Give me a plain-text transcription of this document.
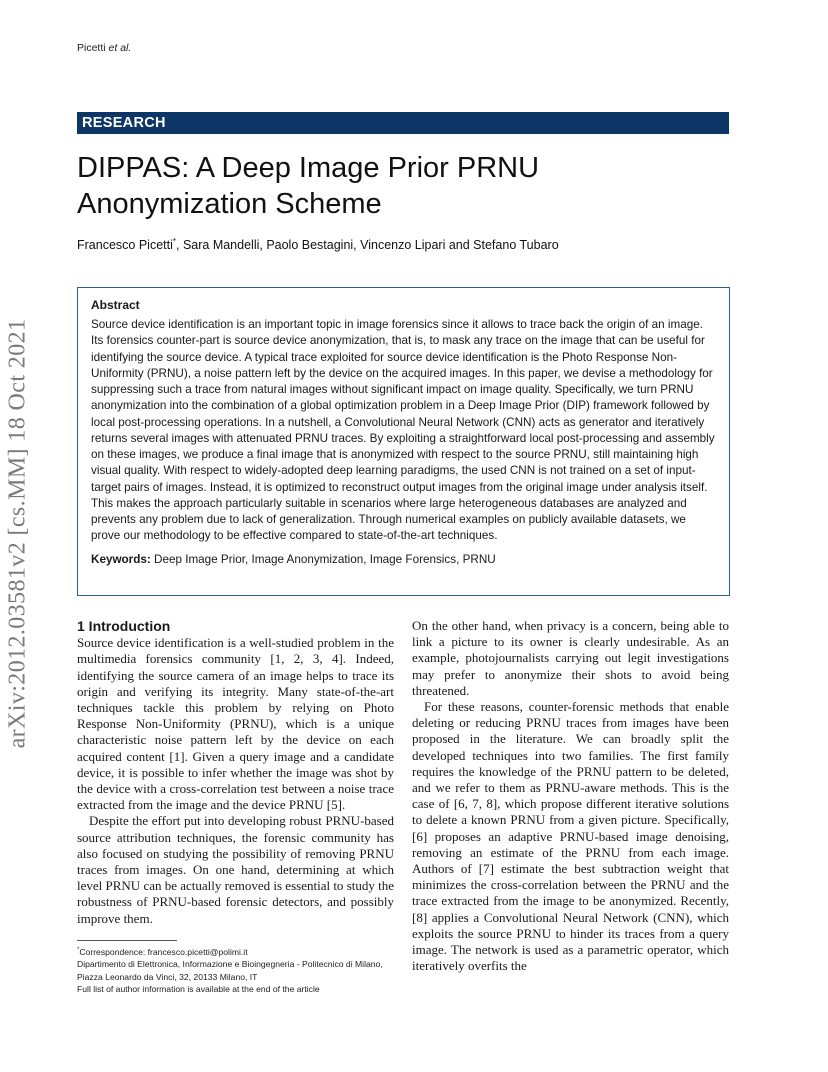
Picetti et al.
RESEARCH
DIPPAS: A Deep Image Prior PRNU Anonymization Scheme
Francesco Picetti*, Sara Mandelli, Paolo Bestagini, Vincenzo Lipari and Stefano Tubaro
arXiv:2012.03581v2 [cs.MM] 18 Oct 2021
Abstract

Source device identification is an important topic in image forensics since it allows to trace back the origin of an image. Its forensics counter-part is source device anonymization, that is, to mask any trace on the image that can be useful for identifying the source device. A typical trace exploited for source device identification is the Photo Response Non-Uniformity (PRNU), a noise pattern left by the device on the acquired images. In this paper, we devise a methodology for suppressing such a trace from natural images without significant impact on image quality. Specifically, we turn PRNU anonymization into the combination of a global optimization problem in a Deep Image Prior (DIP) framework followed by local post-processing operations. In a nutshell, a Convolutional Neural Network (CNN) acts as generator and iteratively returns several images with attenuated PRNU traces. By exploiting a straightforward local post-processing and assembly on these images, we produce a final image that is anonymized with respect to the source PRNU, still maintaining high visual quality. With respect to widely-adopted deep learning paradigms, the used CNN is not trained on a set of input-target pairs of images. Instead, it is optimized to reconstruct output images from the original image under analysis itself. This makes the approach particularly suitable in scenarios where large heterogeneous databases are analyzed and prevents any problem due to lack of generalization. Through numerical examples on publicly available datasets, we prove our methodology to be effective compared to state-of-the-art techniques.

Keywords: Deep Image Prior, Image Anonymization, Image Forensics, PRNU
1 Introduction

Source device identification is a well-studied problem in the multimedia forensics community [1, 2, 3, 4]. Indeed, identifying the source camera of an image helps to trace its origin and verifying its integrity. Many state-of-the-art techniques tackle this problem by relying on Photo Response Non-Uniformity (PRNU), which is a unique characteristic noise pattern left by the device on each acquired content [1]. Given a query image and a candidate device, it is possible to infer whether the image was shot by the device with a cross-correlation test between a noise trace extracted from the image and the device PRNU [5].

Despite the effort put into developing robust PRNU-based source attribution techniques, the forensic community has also focused on studying the possibility of removing PRNU traces from images. On one hand, determining at which level PRNU can be actually removed is essential to study the robustness of PRNU-based forensic detectors, and possibly improve them.

On the other hand, when privacy is a concern, being able to link a picture to its owner is clearly undesirable. As an example, photojournalists carrying out legit investigations may prefer to anonymize their shots to avoid being threatened.

For these reasons, counter-forensic methods that enable deleting or reducing PRNU traces from images have been proposed in the literature. We can broadly split the developed techniques into two families. The first family requires the knowledge of the PRNU pattern to be deleted, and we refer to them as PRNU-aware methods. This is the case of [6, 7, 8], which propose different iterative solutions to delete a known PRNU from a given picture. Specifically, [6] proposes an adaptive PRNU-based image denoising, removing an estimate of the PRNU from each image. Authors of [7] estimate the best subtraction weight that minimizes the cross-correlation between the PRNU and the trace extracted from the image to be anonymized. Recently, [8] applies a Convolutional Neural Network (CNN), which exploits the source PRNU to hinder its traces from a query image. The network is used as a parametric operator, which iteratively overfits the

*Correspondence: francesco.picetti@polimi.it
Dipartimento di Elettronica, Informazione e Bioingegneria - Politecnico di Milano, Piazza Leonardo da Vinci, 32, 20133 Milano, IT
Full list of author information is available at the end of the article
